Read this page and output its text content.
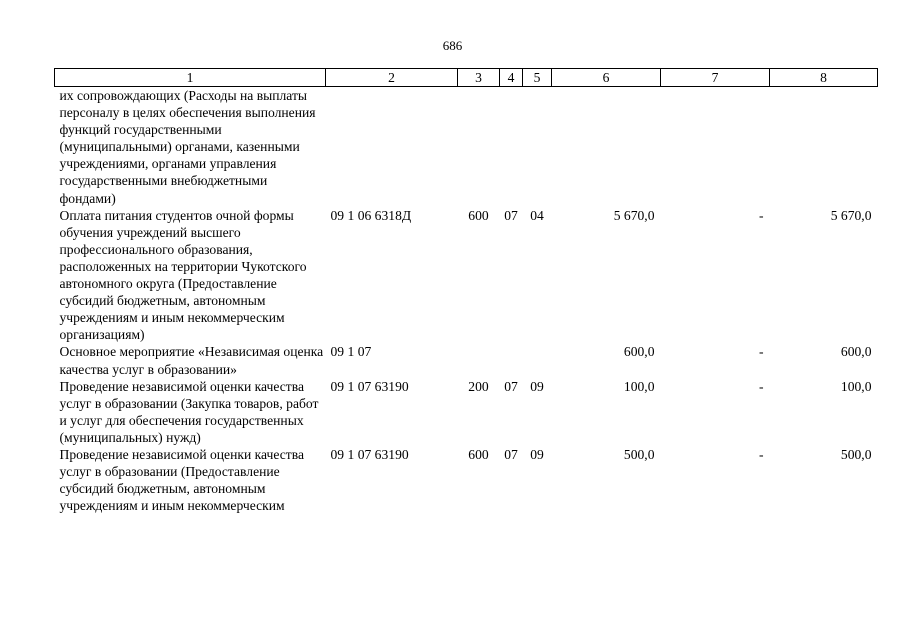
686
1	2	3	4	5	6	7	8
их сопровождающих (Расходы на выплаты персоналу в целях обеспечения выполнения функций государственными (муниципальными) органами, казенными учреждениями, органами управления государственными внебюджетными фондами)							
Оплата питания студентов очной формы обучения учреждений высшего профессионального образования, расположенных на территории Чукотского автономного округа (Предоставление субсидий бюджетным, автономным учреждениям и иным некоммерческим организациям)	09 1 06 6318Д	600	07	04	5 670,0	-	5 670,0
Основное мероприятие «Независимая оценка качества услуг в образовании»	09 1 07				600,0	-	600,0
Проведение независимой оценки качества услуг в образовании (Закупка товаров, работ и услуг для обеспечения государственных (муниципальных) нужд)	09 1 07 63190	200	07	09	100,0	-	100,0
Проведение независимой оценки качества услуг в образовании (Предоставление субсидий бюджетным, автономным учреждениям и иным некоммерческим	09 1 07 63190	600	07	09	500,0	-	500,0
